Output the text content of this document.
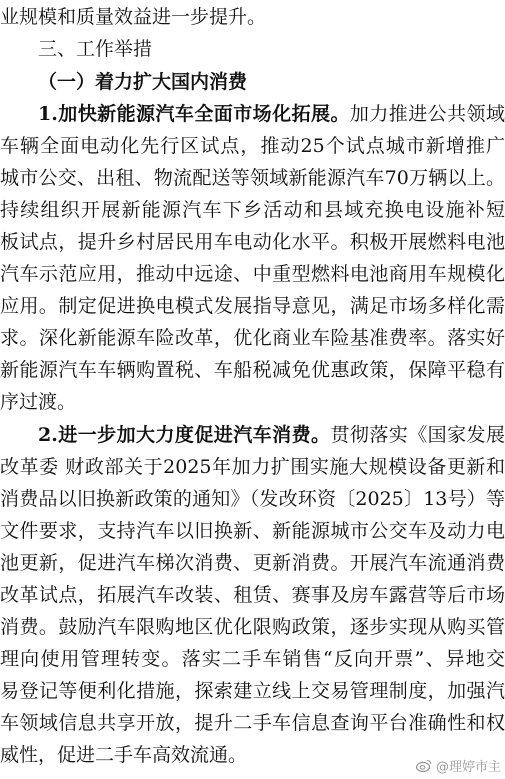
业规模和质量效益进一步提升。
三、工作举措
（一）着力扩大国内消费
1.加快新能源汽车全面市场化拓展。加力推进公共领域
车辆全面电动化先行区试点，推动25个试点城市新增推广
城市公交、出租、物流配送等领域新能源汽车70万辆以上。
持续组织开展新能源汽车下乡活动和县域充换电设施补短
板试点，提升乡村居民用车电动化水平。积极开展燃料电池
汽车示范应用，推动中远途、中重型燃料电池商用车规模化
应用。制定促进换电模式发展指导意见，满足市场多样化需
求。深化新能源车险改革，优化商业车险基准费率。落实好
新能源汽车车辆购置税、车船税减免优惠政策，保障平稳有
序过渡。
2.进一步加大力度促进汽车消费。贯彻落实《国家发展
改革委 财政部关于2025年加力扩围实施大规模设备更新和
消费品以旧换新政策的通知》（发改环资〔2025〕13号）等
文件要求，支持汽车以旧换新、新能源城市公交车及动力电
池更新，促进汽车梯次消费、更新消费。开展汽车流通消费
改革试点，拓展汽车改装、租赁、赛事及房车露营等后市场
消费。鼓励汽车限购地区优化限购政策，逐步实现从购买管
理向使用管理转变。落实二手车销售“反向开票”、异地交
易登记等便利化措施，探索建立线上交易管理制度，加强汽
车领域信息共享开放，提升二手车信息查询平台准确性和权
威性，促进二手车高效流通。
@理婷市主
